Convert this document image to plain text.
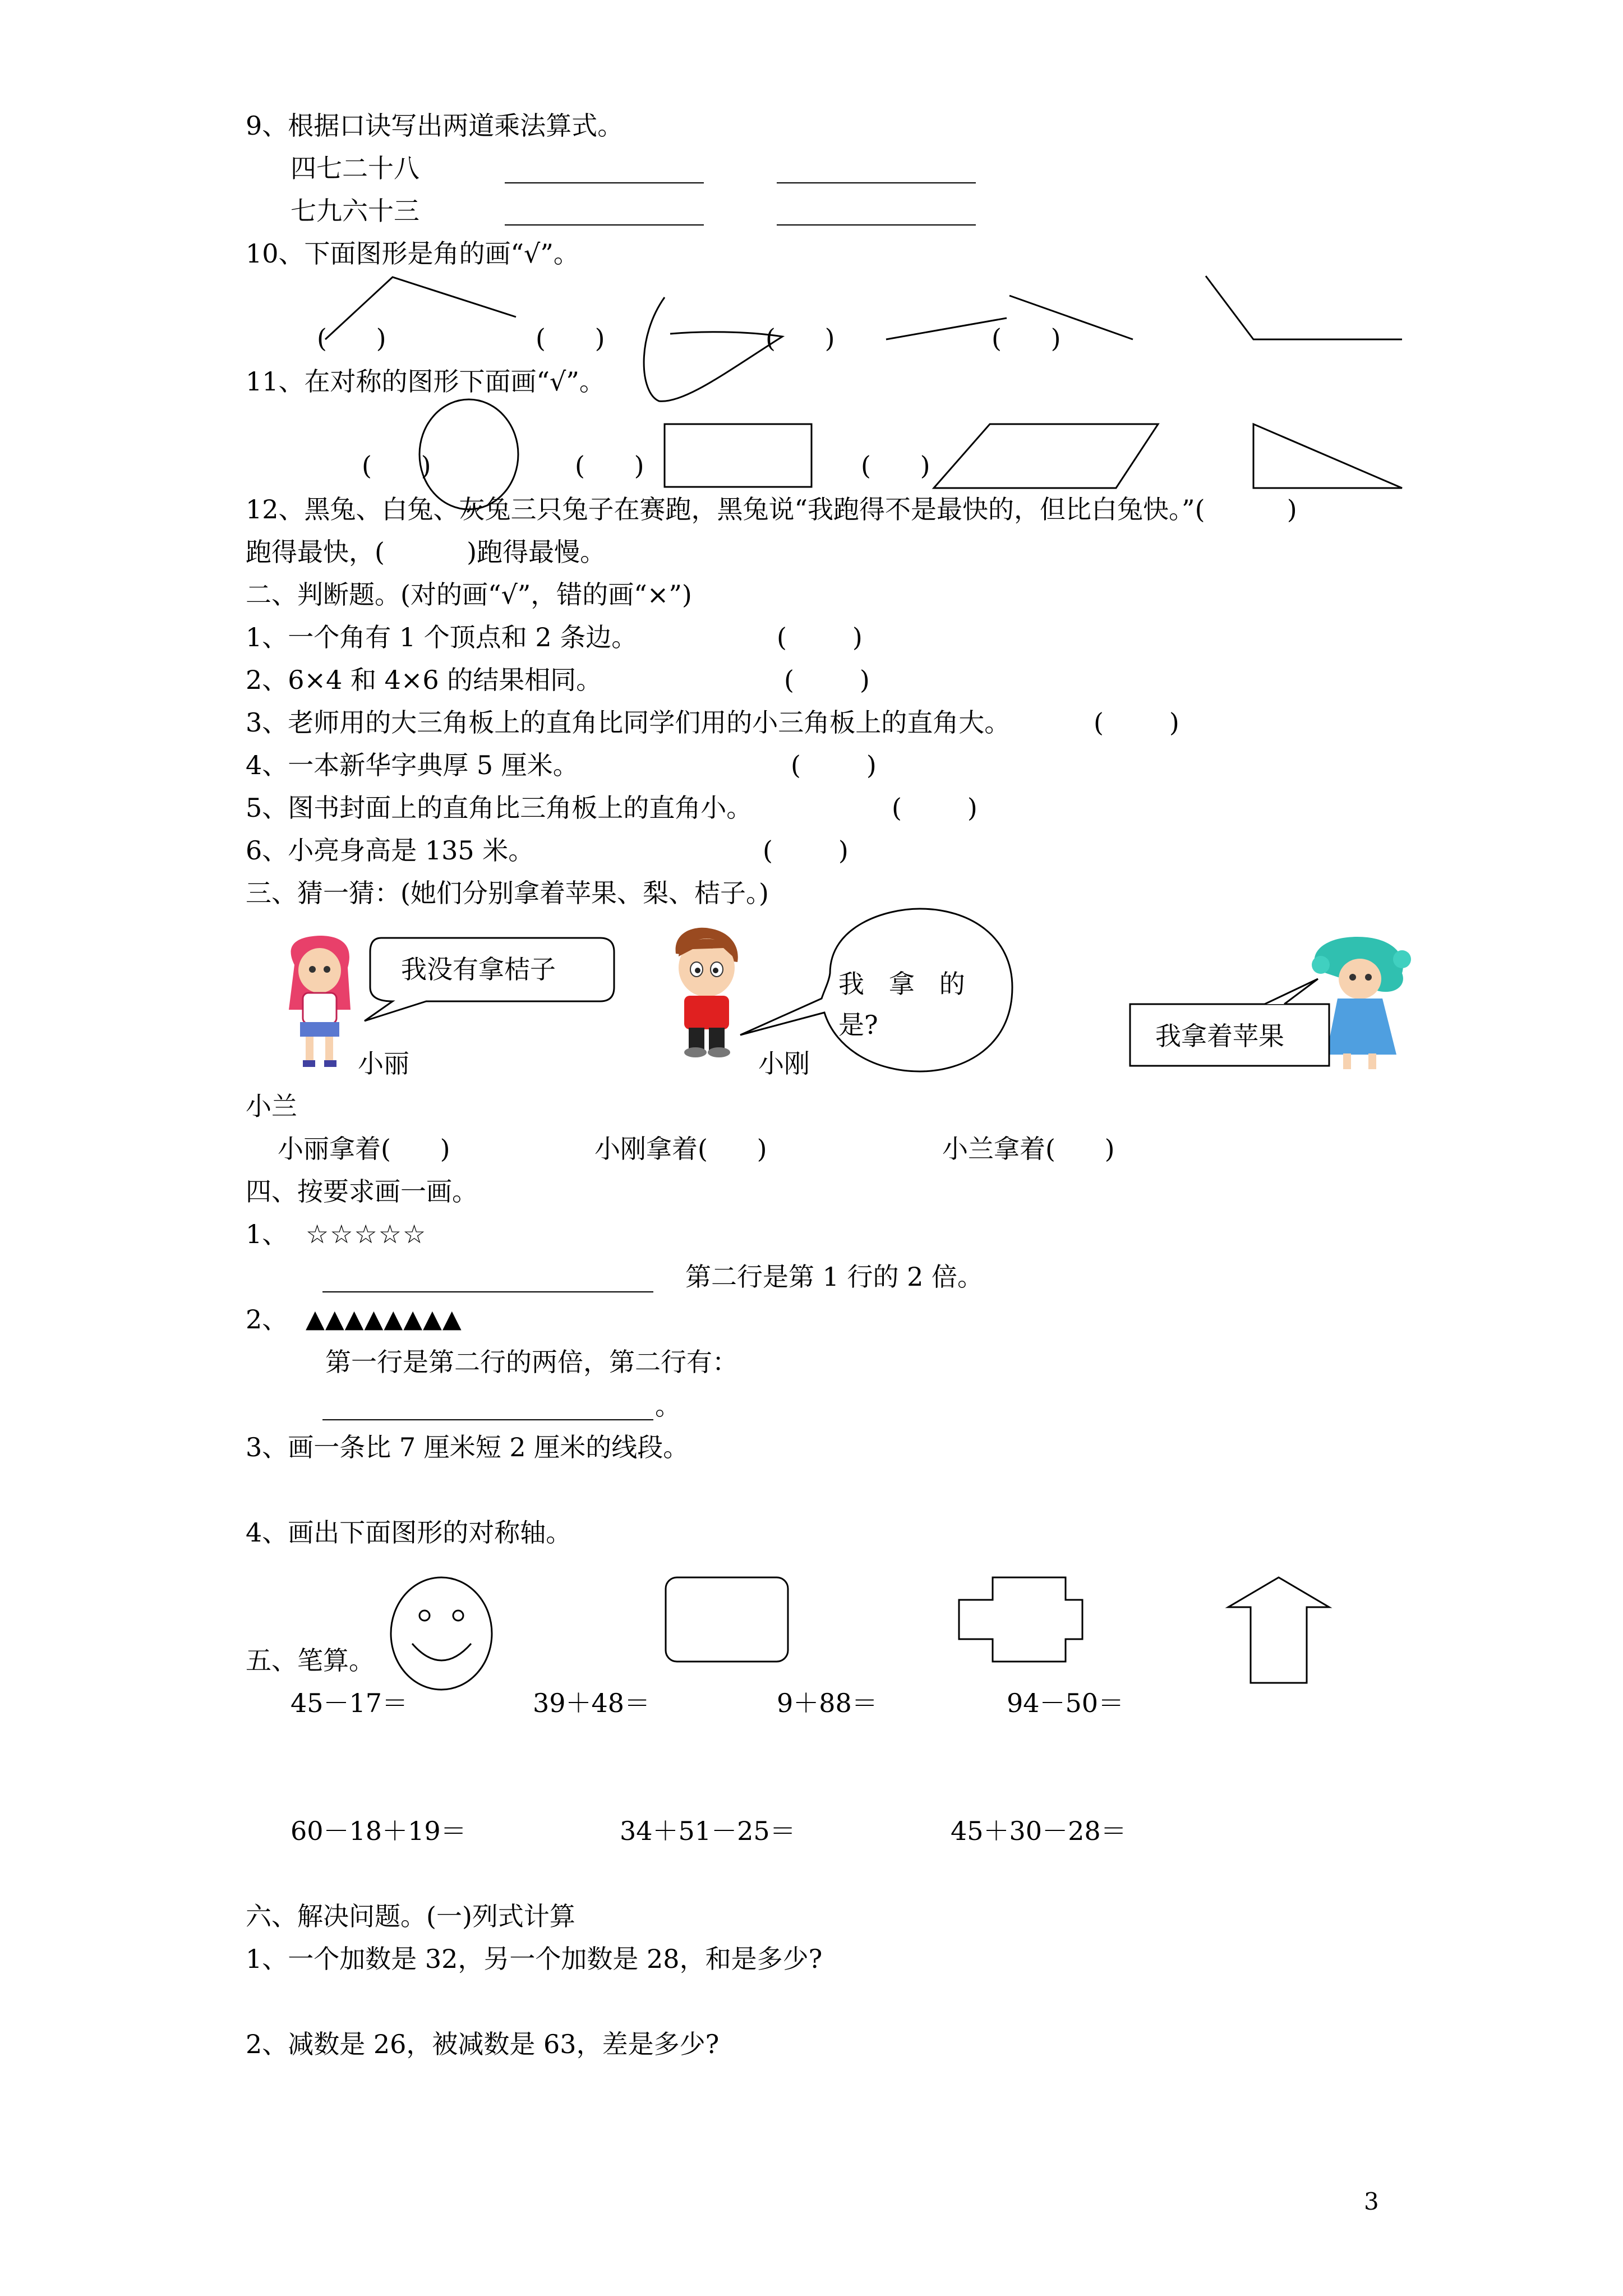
9、根据口诀写出两道乘法算式。
四七二十八
七九六十三
10、下面图形是角的画“√”。
(      )	(      )	(      )	(      )
11、在对称的图形下面画“√”。
(      )	(      )	(      )
12、黑兔、白兔、灰兔三只兔子在赛跑，黑兔说“我跑得不是最快的，但比白兔快。”(          )
跑得最快，(          )跑得最慢。
二、判断题。(对的画“√”，错的画“×”)
1、一个角有 1 个顶点和 2 条边。	(        )
2、6×4 和 4×6 的结果相同。	(        )
3、老师用的大三角板上的直角比同学们用的小三角板上的直角大。	(        )
4、一本新华字典厚 5 厘米。	(        )
5、图书封面上的直角比三角板上的直角小。	(        )
6、小亮身高是 135 米。	(        )
三、猜一猜：(她们分别拿着苹果、梨、桔子。)
我没有拿桔子	我   拿   的
是?	我拿着苹果
小丽	小刚
小兰
小丽拿着(      )	小刚拿着(      )	小兰拿着(      )
四、按要求画一画。
1、 ☆☆☆☆☆
第二行是第 1 行的 2 倍。
2、 ▲▲▲▲▲▲▲▲
第一行是第二行的两倍，第二行有：
。
3、画一条比 7 厘米短 2 厘米的线段。
4、画出下面图形的对称轴。
五、笔算。
45－17＝	39＋48＝	9＋88＝	94－50＝
60－18＋19＝	34＋51－25＝	45＋30－28＝
六、解决问题。(一)列式计算
1、一个加数是 32，另一个加数是 28，和是多少?
2、减数是 26，被减数是 63，差是多少?
3
